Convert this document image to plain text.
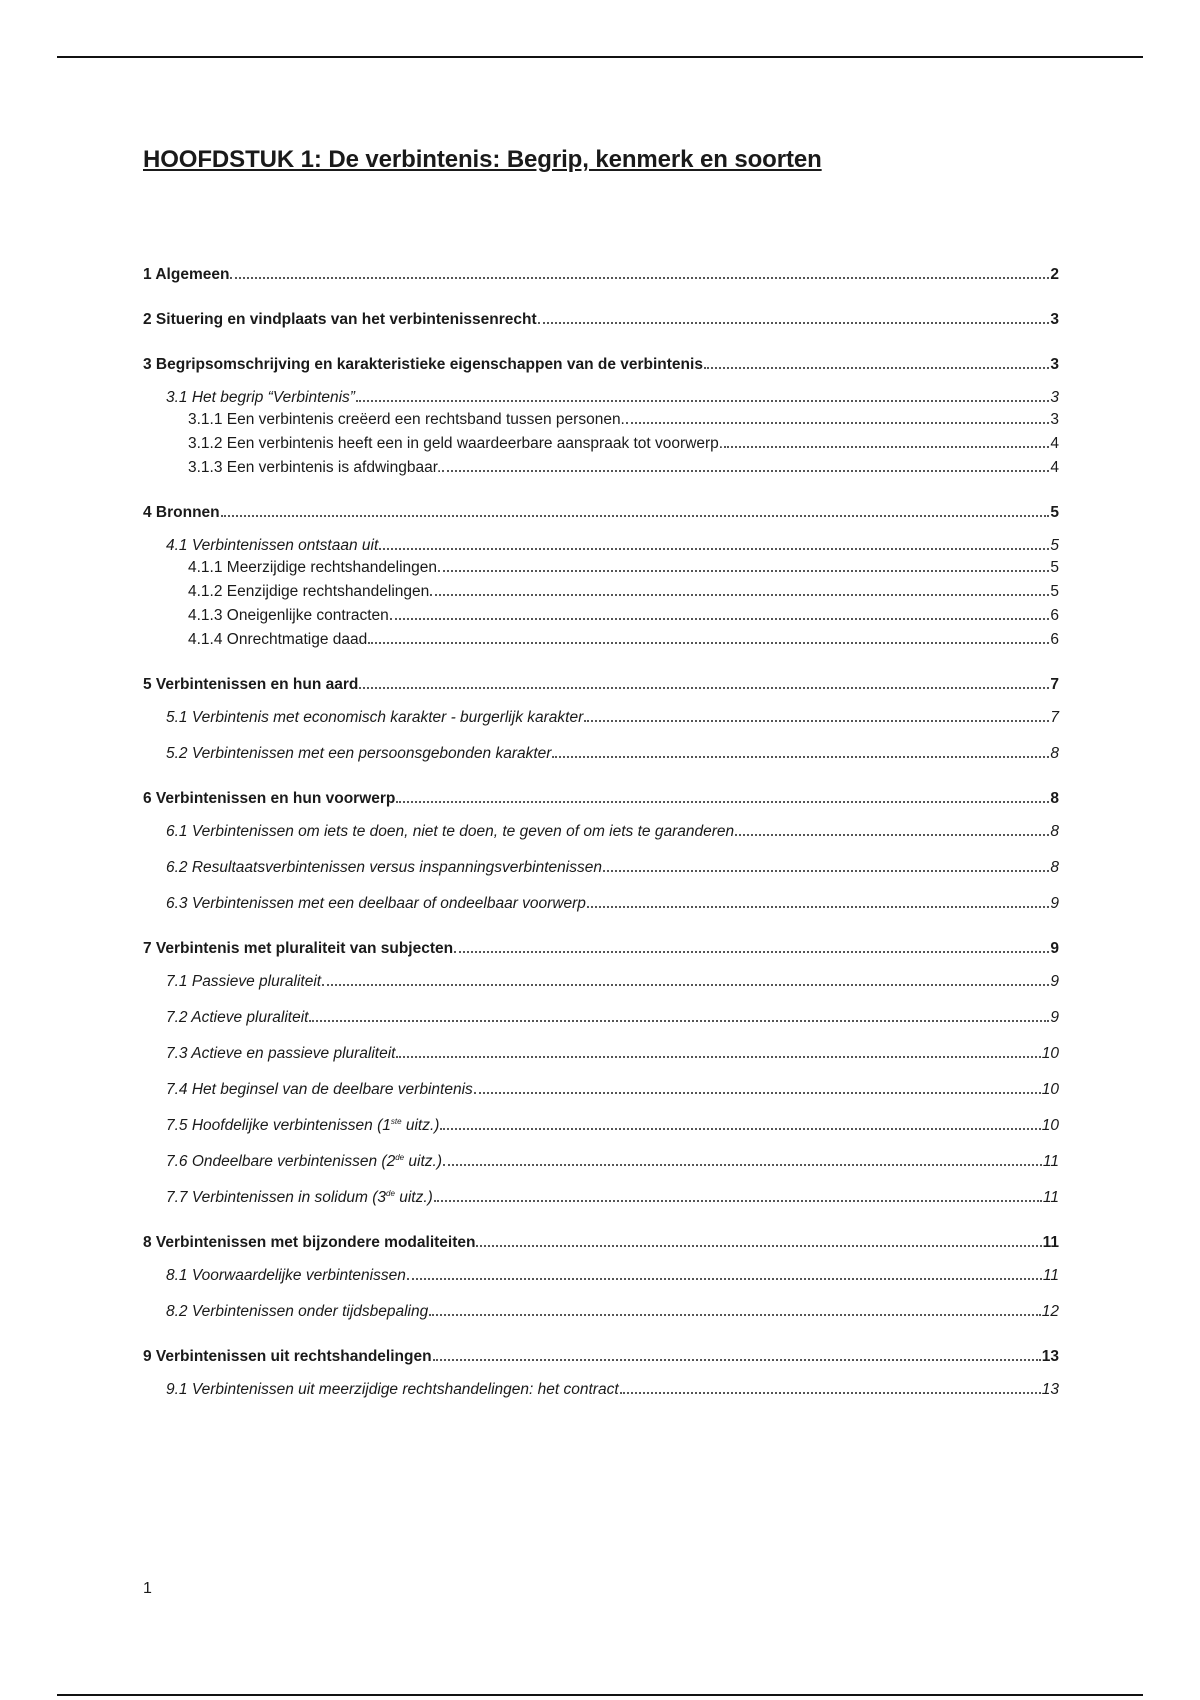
HOOFDSTUK 1: De verbintenis: Begrip, kenmerk en soorten
1 Algemeen	2
2 Situering en vindplaats van het verbintenissenrecht	3
3 Begripsomschrijving en karakteristieke eigenschappen van de verbintenis	3
3.1 Het begrip “Verbintenis”	3
3.1.1 Een verbintenis creëerd een rechtsband tussen personen.	3
3.1.2 Een verbintenis heeft een in geld waardeerbare aanspraak tot voorwerp.	4
3.1.3 Een verbintenis is afdwingbaar.	4
4 Bronnen	5
4.1 Verbintenissen ontstaan uit	5
4.1.1 Meerzijdige rechtshandelingen	5
4.1.2 Eenzijdige rechtshandelingen	5
4.1.3 Oneigenlijke contracten	6
4.1.4 Onrechtmatige daad	6
5 Verbintenissen en hun aard	7
5.1 Verbintenis met economisch karakter - burgerlijk karakter	7
5.2 Verbintenissen met een persoonsgebonden karakter	8
6 Verbintenissen en hun voorwerp	8
6.1 Verbintenissen om iets te doen, niet te doen, te geven of om iets te garanderen	8
6.2 Resultaatsverbintenissen versus inspanningsverbintenissen	8
6.3 Verbintenissen met een deelbaar of ondeelbaar voorwerp	9
7 Verbintenis met pluraliteit van subjecten	9
7.1 Passieve pluraliteit	9
7.2 Actieve pluraliteit	9
7.3 Actieve en passieve pluraliteit	10
7.4 Het beginsel van de deelbare verbintenis	10
7.5 Hoofdelijke verbintenissen (1ste uitz.)	10
7.6 Ondeelbare verbintenissen (2de uitz.)	11
7.7 Verbintenissen in solidum (3de uitz.)	11
8 Verbintenissen met bijzondere modaliteiten	11
8.1 Voorwaardelijke verbintenissen	11
8.2 Verbintenissen onder tijdsbepaling	12
9 Verbintenissen uit rechtshandelingen	13
9.1 Verbintenissen uit meerzijdige rechtshandelingen: het contract	13
1
